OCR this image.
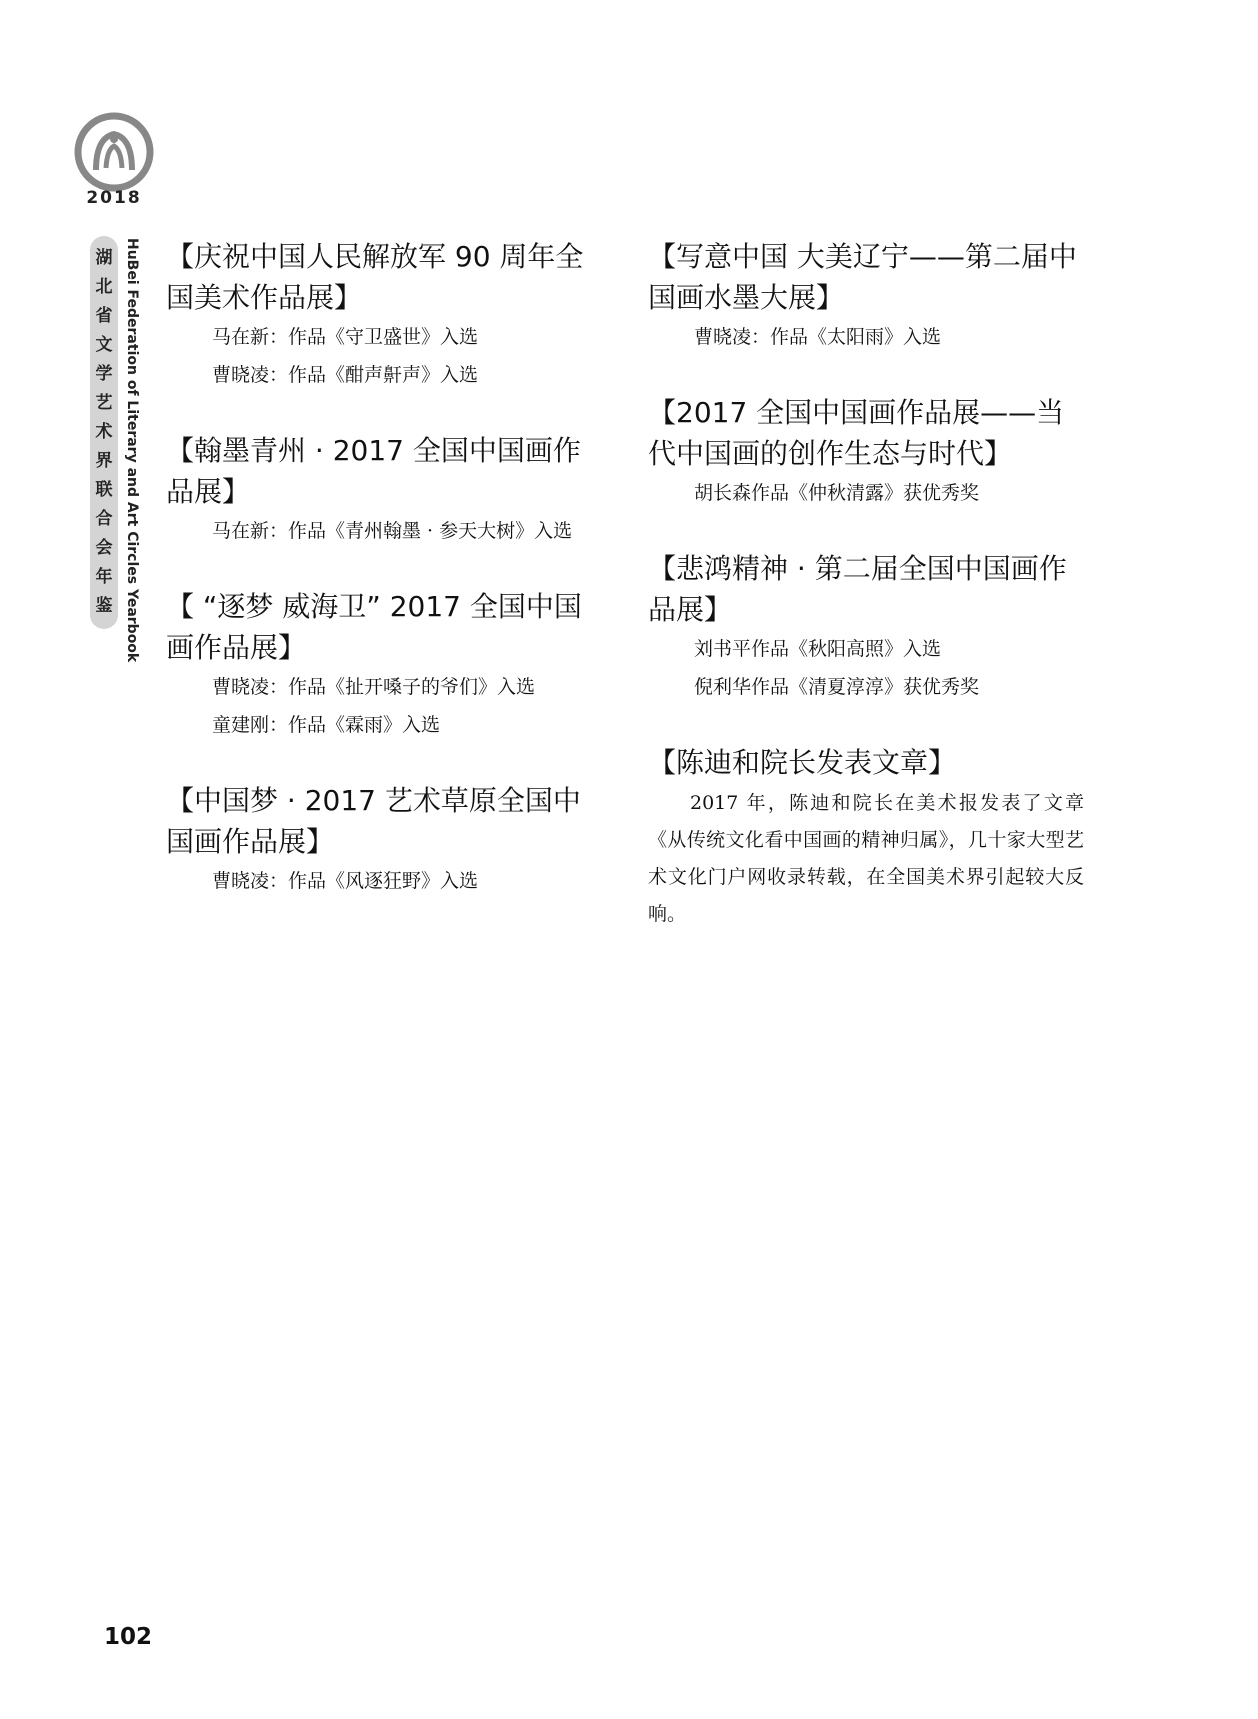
2018
湖
北
省
文
学
艺
术
界
联
合
会
年
鉴 HuBei Federation of Literary and Art Circles Yearbook 【庆祝中国人民解放军 90 周年全国美术作品展】
马在新：作品《守卫盛世》入选
曹晓凌：作品《酣声鼾声》入选
【翰墨青州 · 2017 全国中国画作品展】
马在新：作品《青州翰墨 · 参天大树》入选
【 “逐梦 威海卫” 2017 全国中国画作品展】
曹晓凌：作品《扯开嗓子的爷们》入选
童建刚：作品《霖雨》入选
【中国梦 · 2017 艺术草原全国中国画作品展】
曹晓凌：作品《风逐狂野》入选
【写意中国 大美辽宁——第二届中国画水墨大展】
曹晓凌：作品《太阳雨》入选
【2017 全国中国画作品展——当代中国画的创作生态与时代】
胡长森作品《仲秋清露》获优秀奖
【悲鸿精神 · 第二届全国中国画作品展】
刘书平作品《秋阳高照》入选
倪利华作品《清夏淳淳》获优秀奖
【陈迪和院长发表文章】
2017 年，陈迪和院长在美术报发表了文章《从传统文化看中国画的精神归属》，几十家大型艺术文化门户网收录转载，在全国美术界引起较大反响。
102
